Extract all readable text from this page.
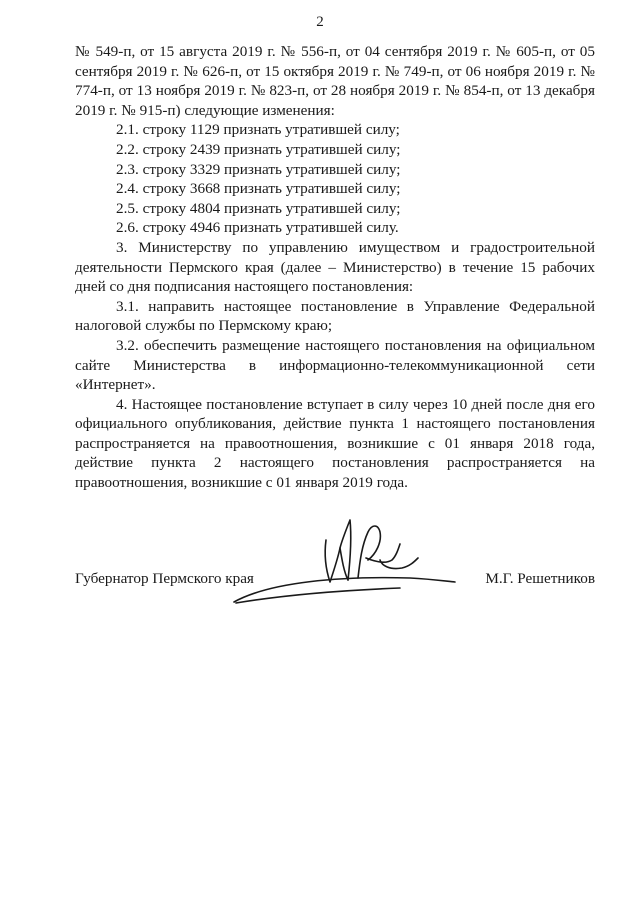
2

№ 549-п, от 15 августа 2019 г. № 556-п, от 04 сентября 2019 г. № 605-п, от 05 сентября 2019 г. № 626-п, от 15 октября 2019 г. № 749-п, от 06 ноября 2019 г. № 774-п, от 13 ноября 2019 г. № 823-п, от 28 ноября 2019 г. № 854-п, от 13 декабря 2019 г. № 915-п) следующие изменения:

2.1. строку 1129 признать утратившей силу;

2.2. строку 2439 признать утратившей силу;

2.3. строку 3329 признать утратившей силу;

2.4. строку 3668 признать утратившей силу;

2.5. строку 4804 признать утратившей силу;

2.6. строку 4946 признать утратившей силу.

3. Министерству по управлению имуществом и градостроительной деятельности Пермского края (далее – Министерство) в течение 15 рабочих дней со дня подписания настоящего постановления:

3.1. направить настоящее постановление в Управление Федеральной налоговой службы по Пермскому краю;

3.2. обеспечить размещение настоящего постановления на официальном сайте Министерства в информационно-телекоммуникационной сети «Интернет».

4. Настоящее постановление вступает в силу через 10 дней после дня его официального опубликования, действие пункта 1 настоящего постановления распространяется на правоотношения, возникшие с 01 января 2018 года, действие пункта 2 настоящего постановления распространяется на правоотношения, возникшие с 01 января 2019 года.

Губернатор Пермского края	М.Г. Решетников
